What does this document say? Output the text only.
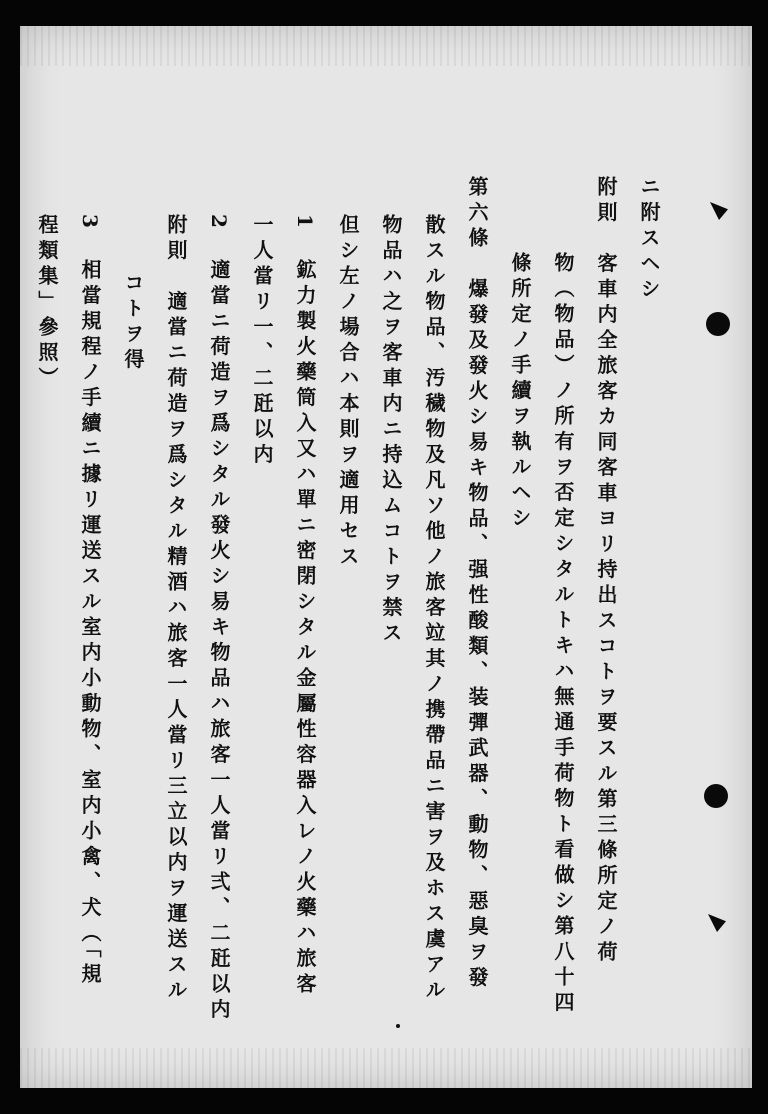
ニ附スヘシ
附則　客車内全旅客カ同客車ヨリ持出スコトヲ要スル第三條所定ノ荷
物（物品）ノ所有ヲ否定シタルトキハ無通手荷物ト看做シ第八十四
條所定ノ手續ヲ執ルヘシ
第六條　爆發及發火シ易キ物品、强性酸類、装彈武器、動物、惡臭ヲ發
散スル物品、汚穢物及凡ソ他ノ旅客竝其ノ携帶品ニ害ヲ及ホス虞アル
物品ハ之ヲ客車内ニ持込ムコトヲ禁ス
但シ左ノ場合ハ本則ヲ適用セス
1　鉱力製火藥筒入又ハ單ニ密閉シタル金屬性容器入レノ火藥ハ旅客
一人當リ一、二瓩以内
2　適當ニ荷造ヲ爲シタル發火シ易キ物品ハ旅客一人當リ弍、二瓩以内
附則　適當ニ荷造ヲ爲シタル精酒ハ旅客一人當リ三立以内ヲ運送スル
コトヲ得
3　相當規程ノ手續ニ據リ運送スル室内小動物、室内小禽、犬（「規
程類集」參照）
